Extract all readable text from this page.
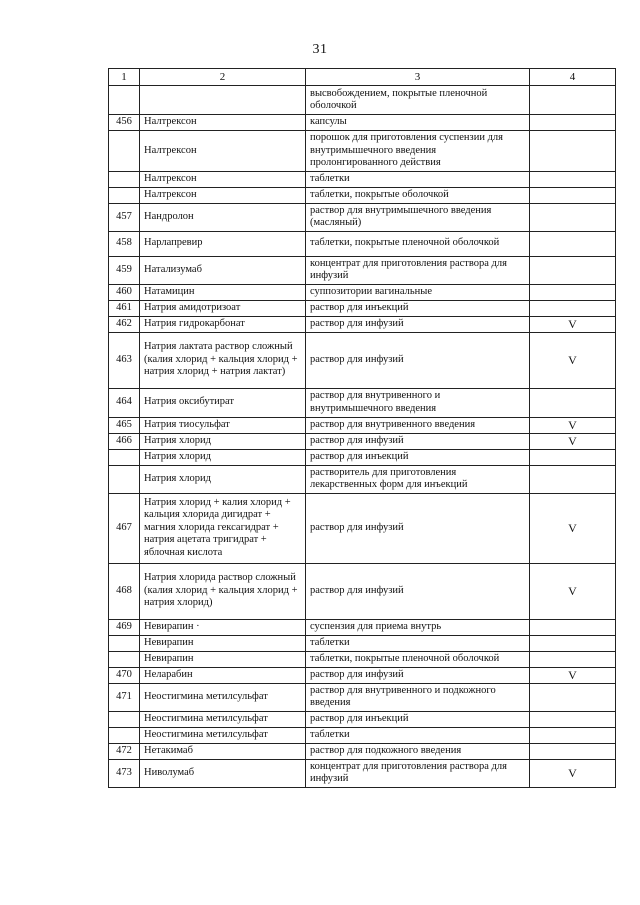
31
1	2	3	4
		высвобождением, покрытые пленочной оболочкой	
456	Налтрексон	капсулы	
	Налтрексон	порошок для приготовления суспензии для внутримышечного введения пролонгированного действия	
	Налтрексон	таблетки	
	Налтрексон	таблетки, покрытые оболочкой	
457	Нандролон	раствор для внутримышечного введения (масляный)	
458	Нарлапревир	таблетки, покрытые пленочной оболочкой	
459	Натализумаб	концентрат для приготовления раствора для инфузий	
460	Натамицин	суппозитории вагинальные	
461	Натрия амидотризоат	раствор для инъекций	
462	Натрия гидрокарбонат	раствор для инфузий	V
463	Натрия лактата раствор сложный (калия хлорид + кальция хлорид + натрия хлорид + натрия лактат)	раствор для инфузий	V
464	Натрия оксибутират	раствор для внутривенного и внутримышечного введения	
465	Натрия тиосульфат	раствор для внутривенного введения	V
466	Натрия хлорид	раствор для инфузий	V
	Натрия хлорид	раствор для инъекций	
	Натрия хлорид	растворитель для приготовления лекарственных форм для инъекций	
467	Натрия хлорид + калия хлорид + кальция хлорида дигидрат + магния хлорида гексагидрат + натрия ацетата тригидрат + яблочная кислота	раствор для инфузий	V
468	Натрия хлорида раствор сложный (калия хлорид + кальция хлорид + натрия хлорид)	раствор для инфузий	V
469	Невирапин ·	суспензия для приема внутрь	
	Невирапин	таблетки	
	Невирапин	таблетки, покрытые пленочной оболочкой	
470	Неларабин	раствор для инфузий	V
471	Неостигмина метилсульфат	раствор для внутривенного и подкожного введения	
	Неостигмина метилсульфат	раствор для инъекций	
	Неостигмина метилсульфат	таблетки	
472	Нетакимаб	раствор для подкожного введения	
473	Ниволумаб	концентрат для приготовления раствора для инфузий	V
